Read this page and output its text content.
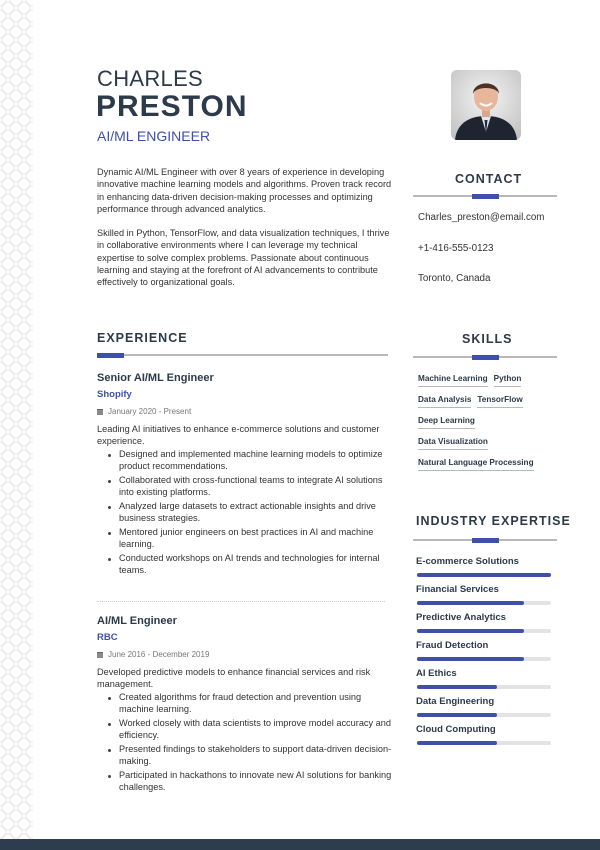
CHARLES
PRESTON
AI/ML ENGINEER

Dynamic AI/ML Engineer with over 8 years of experience in developing innovative machine learning models and algorithms. Proven track record in enhancing data-driven decision-making processes and optimizing performance through advanced analytics.

Skilled in Python, TensorFlow, and data visualization techniques, I thrive in collaborative environments where I can leverage my technical expertise to solve complex problems. Passionate about continuous learning and staying at the forefront of AI advancements to contribute effectively to organizational goals.

CONTACT
Charles_preston@email.com
+1-416-555-0123
Toronto, Canada
EXPERIENCE
Senior AI/ML Engineer
Shopify
January 2020 - Present
Leading AI initiatives to enhance e-commerce solutions and customer experience.
Designed and implemented machine learning models to optimize product recommendations.
Collaborated with cross-functional teams to integrate AI solutions into existing platforms.
Analyzed large datasets to extract actionable insights and drive business strategies.
Mentored junior engineers on best practices in AI and machine learning.
Conducted workshops on AI trends and technologies for internal teams.
AI/ML Engineer
RBC
June 2016 - December 2019
Developed predictive models to enhance financial services and risk management.
Created algorithms for fraud detection and prevention using machine learning.
Worked closely with data scientists to improve model accuracy and efficiency.
Presented findings to stakeholders to support data-driven decision-making.
Participated in hackathons to innovate new AI solutions for banking challenges.
SKILLS
Machine Learning Python
Data Analysis TensorFlow
Deep Learning
Data Visualization
Natural Language Processing
INDUSTRY EXPERTISE
E-commerce Solutions
Financial Services
Predictive Analytics
Fraud Detection
AI Ethics
Data Engineering
Cloud Computing
